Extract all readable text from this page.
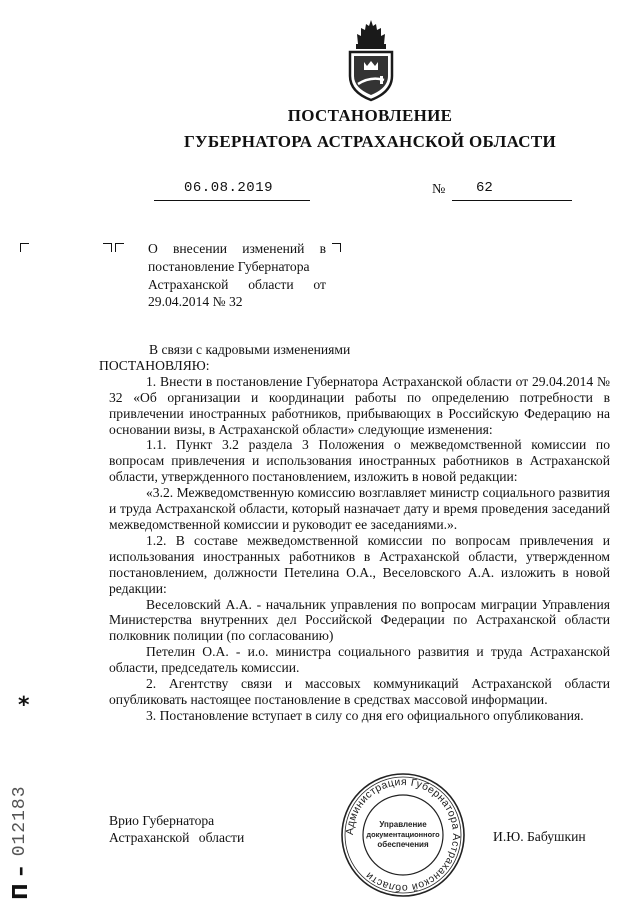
ПОСТАНОВЛЕНИЕ

ГУБЕРНАТОРА АСТРАХАНСКОЙ ОБЛАСТИ

06.08.2019	№ 62
О внесении изменений в
постановление Губернатора
Астраханской области от
29.04.2014 № 32

В связи с кадровыми изменениями

ПОСТАНОВЛЯЮ:

1. Внести в постановление Губернатора Астраханской области от 29.04.2014 № 32 «Об организации и координации работы по определению потребности в привлечении иностранных работников, прибывающих в Российскую Федерацию на основании визы, в Астраханской области» следующие изменения:

1.1. Пункт 3.2 раздела 3 Положения о межведомственной комиссии по вопросам привлечения и использования иностранных работников в Астраханской области, утвержденного постановлением, изложить в новой редакции:

«3.2. Межведомственную комиссию возглавляет министр социального развития и труда Астраханской области, который назначает дату и время проведения заседаний межведомственной комиссии и руководит ее заседаниями.».

1.2. В составе межведомственной комиссии по вопросам привлечения и использования иностранных работников в Астраханской области, утвержденном постановлением, должности Петелина О.А., Веселовского А.А. изложить в новой редакции:

Веселовский А.А. - начальник управления по вопросам миграции Управления Министерства внутренних дел Российской Федерации по Астраханской области полковник полиции (по согласованию)

Петелин О.А. - и.о. министра социального развития и труда Астраханской области, председатель комиссии.

2. Агентству связи и массовых коммуникаций Астраханской области опубликовать настоящее постановление в средствах массовой информации.

3. Постановление вступает в силу со дня его официального опубликования.

Врио Губернатора
Астраханской области	И.Ю. Бабушкин
Администрация Губернатора Астраханской области
Управление
документационного
обеспечения
*
П – 012183
